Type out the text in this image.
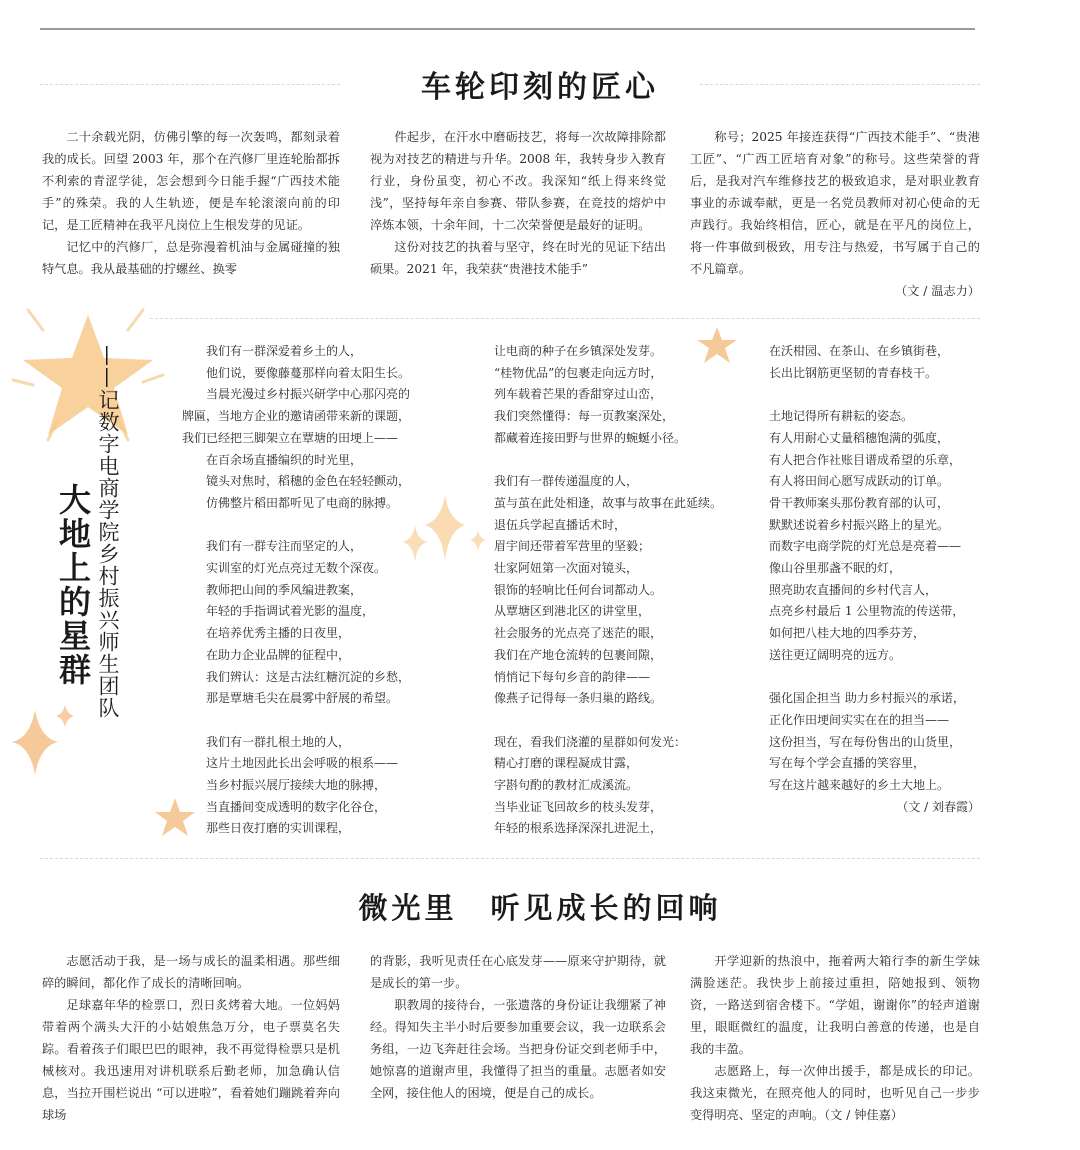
车轮印刻的匠心

二十余载光阴，仿佛引擎的每一次轰鸣，都刻录着我的成长。回望 2003 年，那个在汽修厂里连轮胎都拆不利索的青涩学徒，怎会想到今日能手握“广西技术能手”的殊荣。我的人生轨迹，便是车轮滚滚向前的印记，是工匠精神在我平凡岗位上生根发芽的见证。

记忆中的汽修厂，总是弥漫着机油与金属碰撞的独特气息。我从最基础的拧螺丝、换零

件起步，在汗水中磨砺技艺，将每一次故障排除都视为对技艺的精进与升华。2008 年，我转身步入教育行业，身份虽变，初心不改。我深知“纸上得来终觉浅”，坚持每年亲自参赛、带队参赛，在竞技的熔炉中淬炼本领，十余年间，十二次荣誉便是最好的证明。

这份对技艺的执着与坚守，终在时光的见证下结出硕果。2021 年，我荣获“贵港技术能手”

称号；2025 年接连获得“广西技术能手”、“贵港工匠”、“广西工匠培育对象”的称号。这些荣誉的背后，是我对汽车维修技艺的极致追求，是对职业教育事业的赤诚奉献，更是一名党员教师对初心使命的无声践行。我始终相信，匠心，就是在平凡的岗位上，将一件事做到极致，用专注与热爱，书写属于自己的不凡篇章。

（文 / 温志力）
——记数字电商学院乡村振兴师生团队
大地上的星群
我们有一群深爱着乡土的人，
他们说，要像藤蔓那样向着太阳生长。
当晨光漫过乡村振兴研学中心那闪亮的
牌匾，当地方企业的邀请函带来新的课题，
我们已经把三脚架立在覃塘的田埂上——
在百余场直播编织的时光里，
镜头对焦时，稻穗的金色在轻轻颤动，
仿佛整片稻田都听见了电商的脉搏。
我们有一群专注而坚定的人，
实训室的灯光点亮过无数个深夜。
教师把山间的季风编进教案，
年轻的手指调试着光影的温度，
在培养优秀主播的日夜里，
在助力企业品牌的征程中，
我们辨认：这是古法红糖沉淀的乡愁，
那是覃塘毛尖在晨雾中舒展的希望。
我们有一群扎根土地的人，
这片土地因此长出会呼吸的根系——
当乡村振兴展厅接续大地的脉搏，
当直播间变成透明的数字化谷仓，
那些日夜打磨的实训课程，
让电商的种子在乡镇深处发芽。
“桂物优品”的包裹走向远方时，
列车载着芒果的香甜穿过山峦，
我们突然懂得：每一页教案深处，
都藏着连接田野与世界的蜿蜒小径。
我们有一群传递温度的人，
茧与茧在此处相逢，故事与故事在此延续。
退伍兵学起直播话术时，
眉宇间还带着军营里的坚毅；
壮家阿妞第一次面对镜头，
银饰的轻响比任何台词都动人。
从覃塘区到港北区的讲堂里，
社会服务的光点亮了迷茫的眼，
我们在产地仓流转的包裹间隙，
悄悄记下每句乡音的韵律——
像燕子记得每一条归巢的路线。
现在，看我们浇灌的星群如何发光：
精心打磨的课程凝成甘露，
字斟句酌的教材汇成溪流。
当毕业证飞回故乡的枝头发芽，
年轻的根系选择深深扎进泥土，
在沃柑园、在茶山、在乡镇街巷，
长出比钢筋更坚韧的青春枝干。
土地记得所有耕耘的姿态。
有人用耐心丈量稻穗饱满的弧度，
有人把合作社账目谱成希望的乐章，
有人将田间心愿写成跃动的订单。
骨干教师案头那份教育部的认可，
默默述说着乡村振兴路上的星光。
而数字电商学院的灯光总是亮着——
像山谷里那盏不眠的灯，
照亮助农直播间的乡村代言人，
点亮乡村最后 1 公里物流的传送带，
如何把八桂大地的四季芬芳，
送往更辽阔明亮的远方。
强化国企担当 助力乡村振兴的承诺，
正化作田埂间实实在在的担当——
这份担当，写在每份售出的山货里，
写在每个学会直播的笑容里，
写在这片越来越好的乡土大地上。
（文 / 刘春霞）
微光里　听见成长的回响

志愿活动于我，是一场与成长的温柔相遇。那些细碎的瞬间，都化作了成长的清晰回响。

足球嘉年华的检票口，烈日炙烤着大地。一位妈妈带着两个满头大汗的小姑娘焦急万分，电子票莫名失踪。看着孩子们眼巴巴的眼神，我不再觉得检票只是机械核对。我迅速用对讲机联系后勤老师，加急确认信息，当拉开围栏说出 “可以进啦”，看着她们蹦跳着奔向球场

的背影，我听见责任在心底发芽——原来守护期待，就是成长的第一步。

职教周的接待台，一张遗落的身份证让我绷紧了神经。得知失主半小时后要参加重要会议，我一边联系会务组，一边飞奔赶往会场。当把身份证交到老师手中，她惊喜的道谢声里，我懂得了担当的重量。志愿者如安全网，接住他人的困境，便是自己的成长。

开学迎新的热浪中，拖着两大箱行李的新生学妹满脸迷茫。我快步上前接过重担，陪她报到、领物资，一路送到宿舍楼下。“学姐，谢谢你”的轻声道谢里，眼眶微红的温度，让我明白善意的传递，也是自我的丰盈。

志愿路上，每一次伸出援手，都是成长的印记。我这束微光，在照亮他人的同时，也听见自己一步步变得明亮、坚定的声响。（文 / 钟佳嘉）
